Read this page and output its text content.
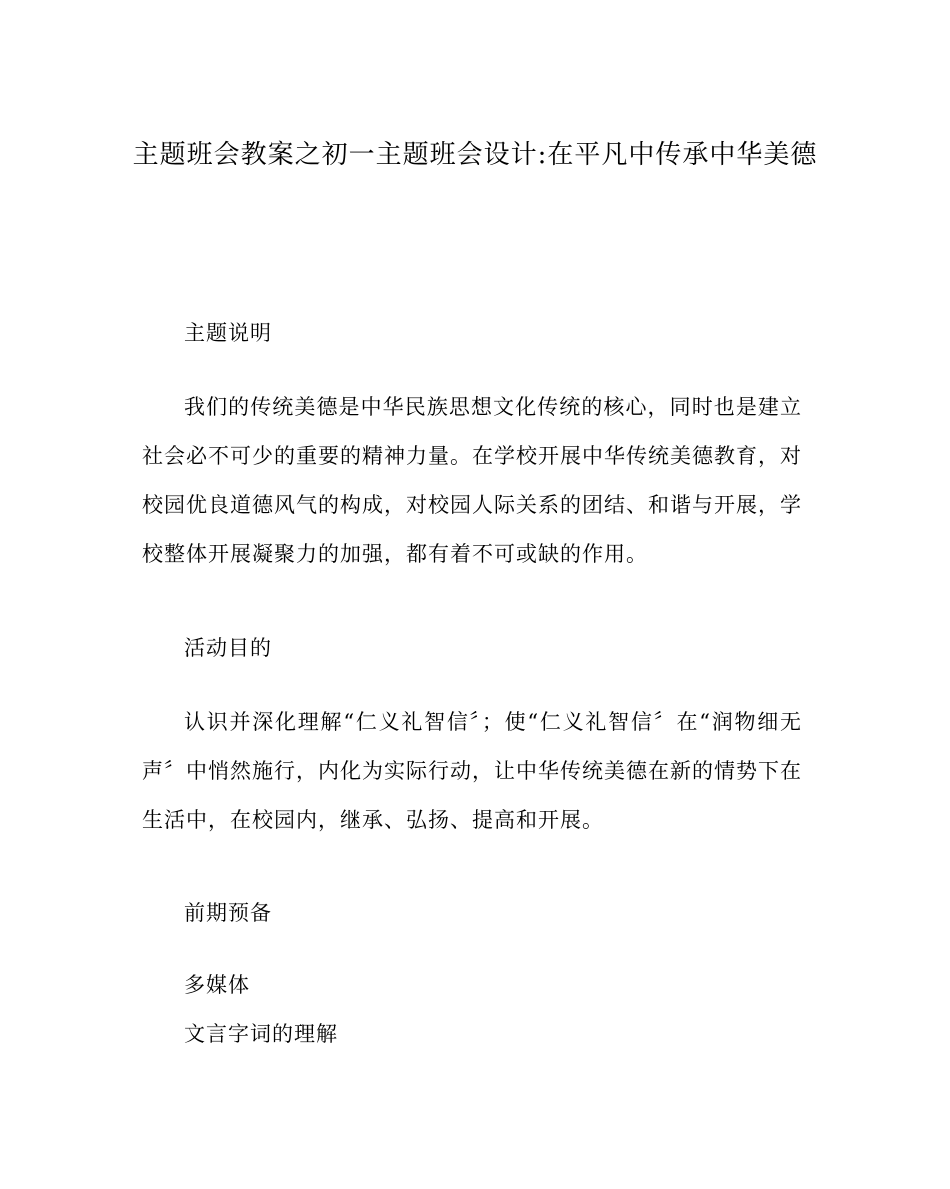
主题班会教案之初一主题班会设计:在平凡中传承中华美德
主题说明
我们的传统美德是中华民族思想文化传统的核心，同时也是建立社会必不可少的重要的精神力量。在学校开展中华传统美德教育，对校园优良道德风气的构成，对校园人际关系的团结、和谐与开展，学校整体开展凝聚力的加强，都有着不可或缺的作用。
活动目的
认识并深化理解“仁义礼智信〞；使“仁义礼智信〞在“润物细无声〞中悄然施行，内化为实际行动，让中华传统美德在新的情势下在生活中，在校园内，继承、弘扬、提高和开展。
前期预备
多媒体
文言字词的理解
